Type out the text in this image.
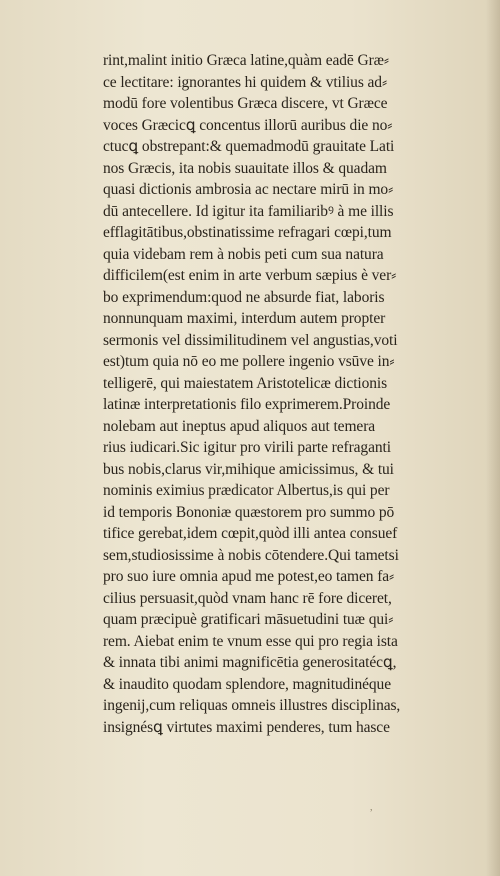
rint,malint initio Græca latine,quàm eadē Græ⸗
ce lectitare: ignorantes hi quidem & vtilius ad⸗
modū fore volentibus Græca discere, vt Græce
voces Græcicꝗ concentus illorū auribus die no⸗
ctucꝗ obstrepant:& quemadmodū grauitate Lati
nos Græcis, ita nobis suauitate illos & quadam
quasi dictionis ambrosia ac nectare mirū in mo⸗
dū antecellere. Id igitur ita familiaribꝰ à me illis
efflagitātibus,obstinatissime refragari cœpi,tum
quia videbam rem à nobis peti cum sua natura
difficilem(est enim in arte verbum sæpius è ver⸗
bo exprimendum:quod ne absurde fiat, laboris
nonnunquam maximi, interdum autem propter
sermonis vel dissimilitudinem vel angustias,voti
est)tum quia nō eo me pollere ingenio vsūve in⸗
telligerē, qui maiestatem Aristotelicæ dictionis
latinæ interpretationis filo exprimerem.Proinde
nolebam aut ineptus apud aliquos aut temera
rius iudicari.Sic igitur pro virili parte refraganti
bus nobis,clarus vir,mihique amicissimus, & tui
nominis eximius prædicator Albertus,is qui per
id temporis Bononiæ quæstorem pro summo pō
tifice gerebat,idem cœpit,quòd illi antea consuef
sem,studiosissime à nobis cōtendere.Qui tametsi
pro suo iure omnia apud me potest,eo tamen fa⸗
cilius persuasit,quòd vnam hanc rē fore diceret,
quam præcipuè gratificari māsuetudini tuæ qui⸗
rem. Aiebat enim te vnum esse qui pro regia ista
& innata tibi animi magnificētia generositatécꝗ,
& inaudito quodam splendore, magnitudinéque
ingenij,cum reliquas omneis illustres disciplinas,
insignésꝗ virtutes maximi penderes, tum hasce
,
